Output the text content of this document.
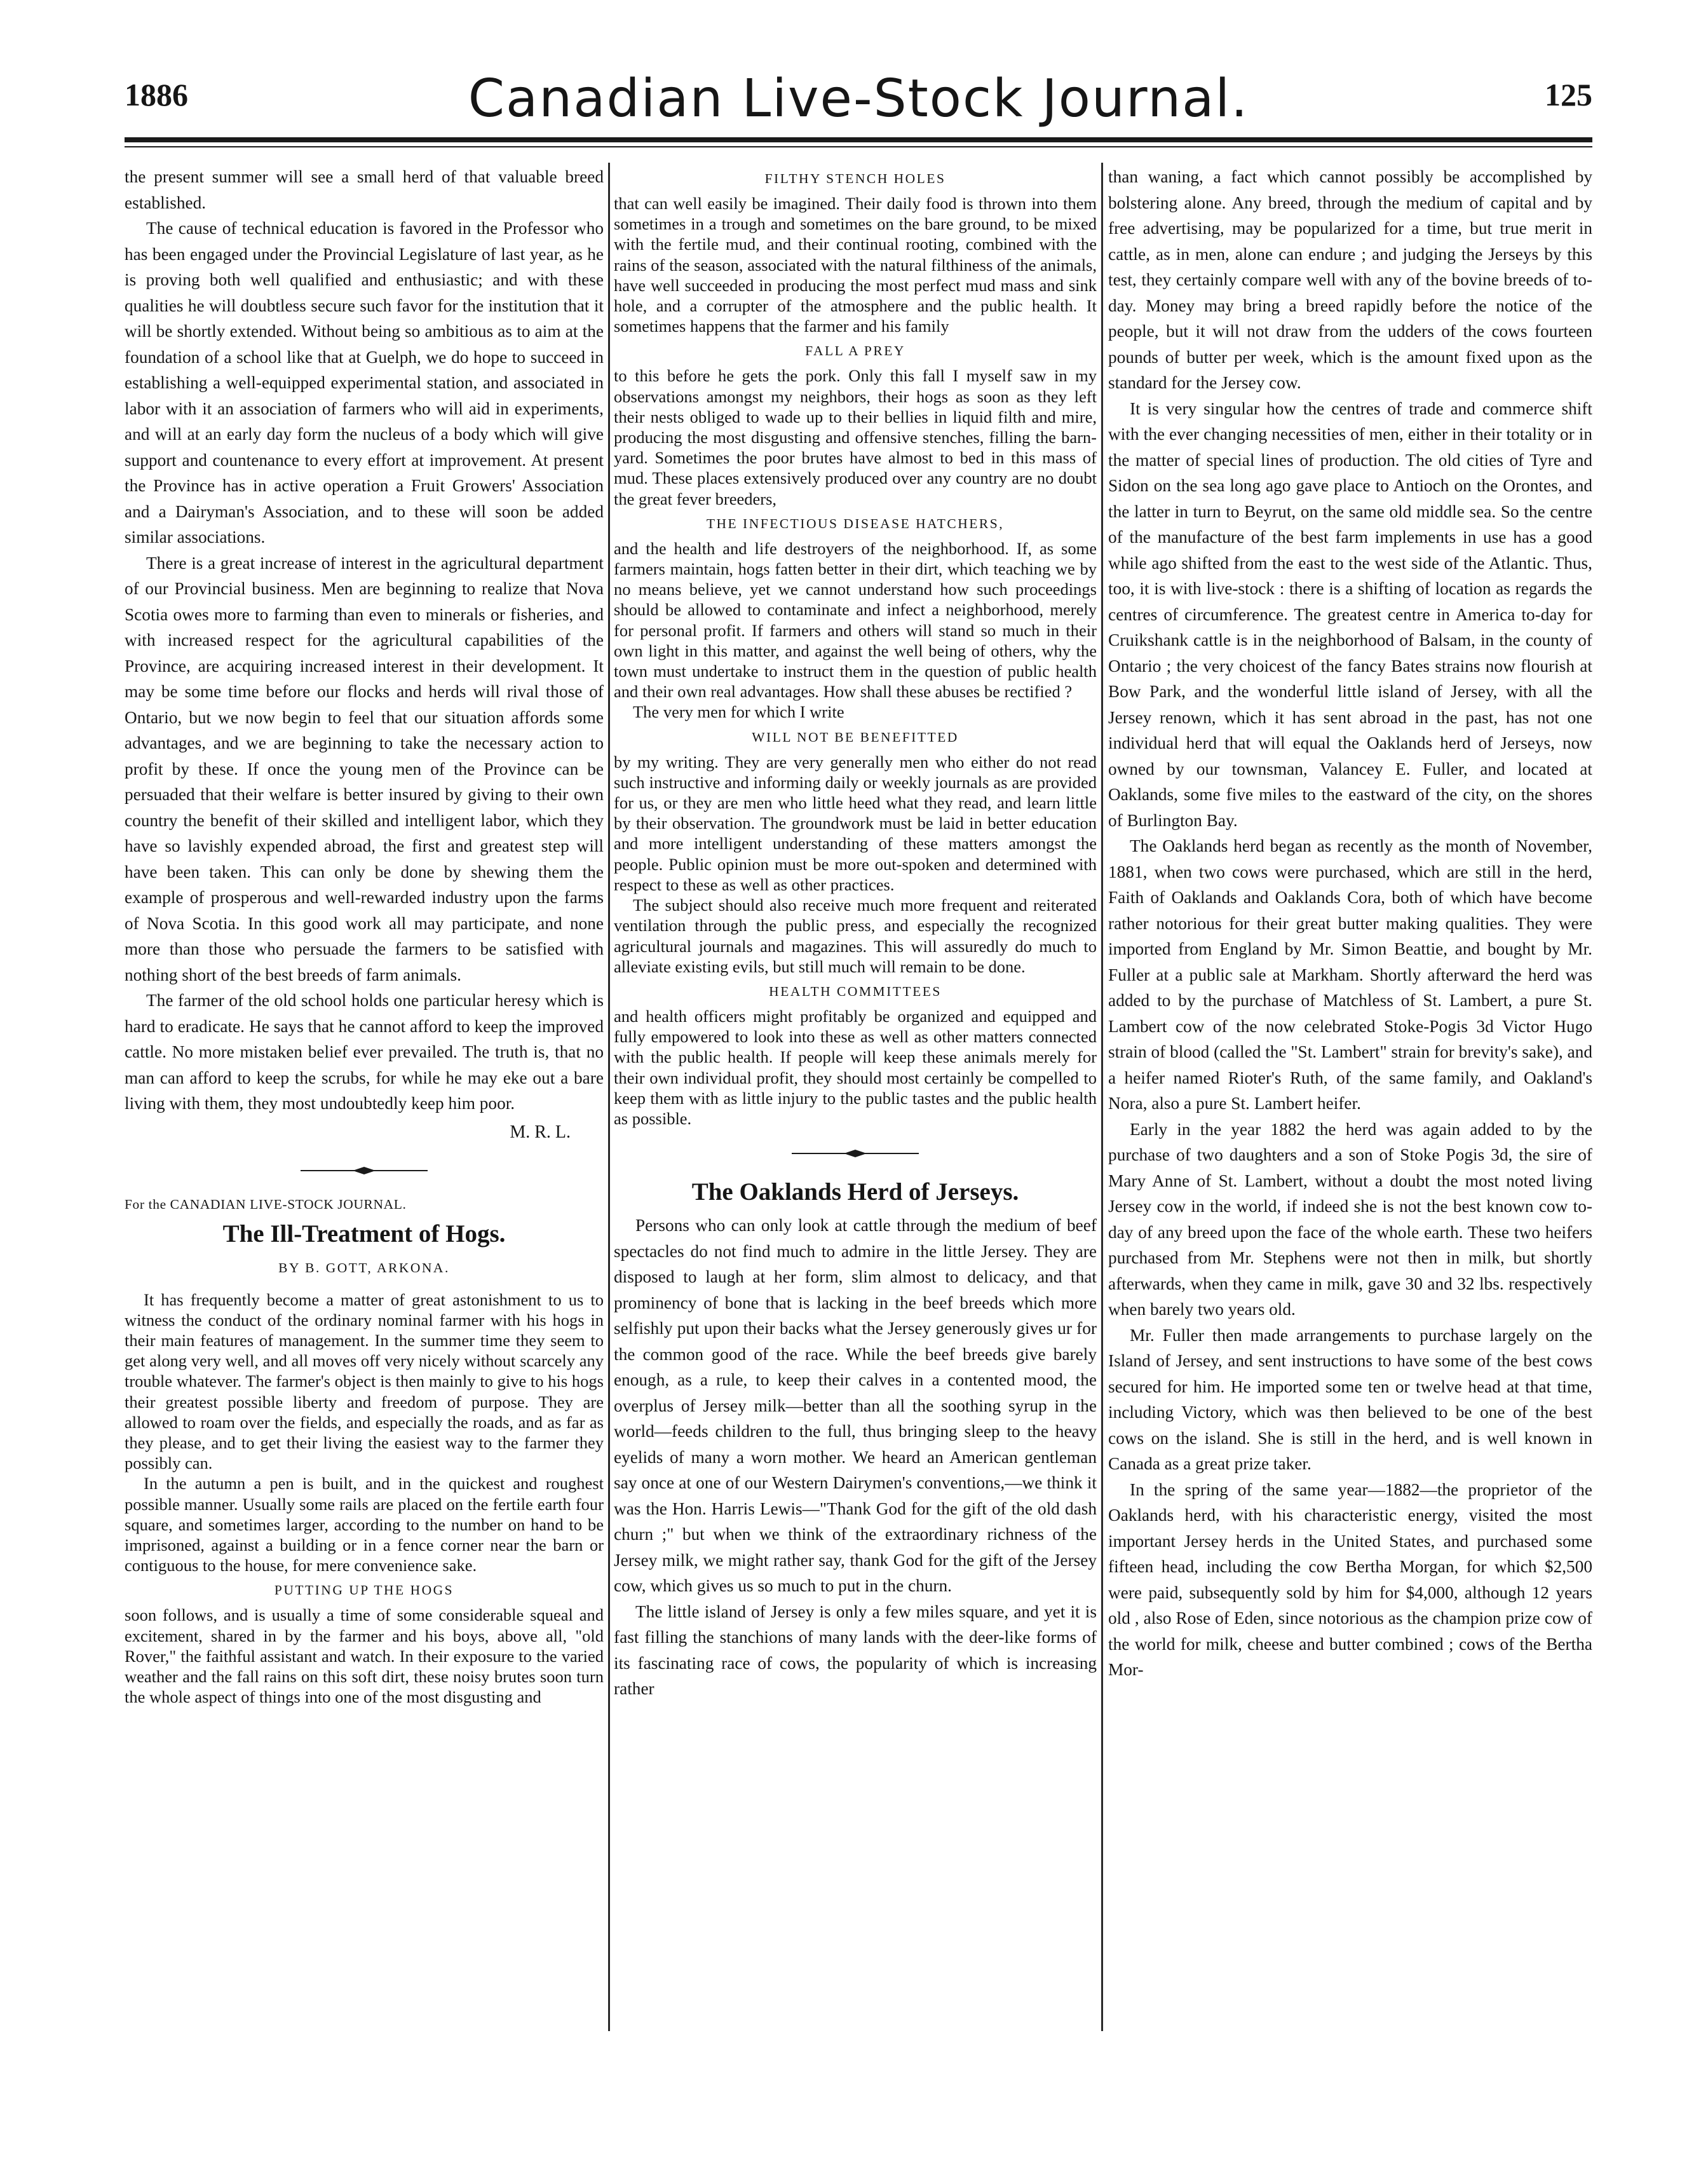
1886	Canadian Live-Stock Journal.	125

the present summer will see a small herd of that valuable breed established.

The cause of technical education is favored in the Professor who has been engaged under the Provincial Legislature of last year, as he is proving both well qualified and enthusiastic; and with these qualities he will doubtless secure such favor for the institution that it will be shortly extended. Without being so ambitious as to aim at the foundation of a school like that at Guelph, we do hope to succeed in establishing a well-equipped experimental station, and associated in labor with it an association of farmers who will aid in experiments, and will at an early day form the nucleus of a body which will give support and countenance to every effort at improvement. At present the Province has in active operation a Fruit Growers' Association and a Dairyman's Association, and to these will soon be added similar associations.

There is a great increase of interest in the agricultural department of our Provincial business. Men are beginning to realize that Nova Scotia owes more to farming than even to minerals or fisheries, and with increased respect for the agricultural capabilities of the Province, are acquiring increased interest in their development. It may be some time before our flocks and herds will rival those of Ontario, but we now begin to feel that our situation affords some advantages, and we are beginning to take the necessary action to profit by these. If once the young men of the Province can be persuaded that their welfare is better insured by giving to their own country the benefit of their skilled and intelligent labor, which they have so lavishly expended abroad, the first and greatest step will have been taken. This can only be done by shewing them the example of prosperous and well-rewarded industry upon the farms of Nova Scotia. In this good work all may participate, and none more than those who persuade the farmers to be satisfied with nothing short of the best breeds of farm animals.

The farmer of the old school holds one particular heresy which is hard to eradicate. He says that he cannot afford to keep the improved cattle. No more mistaken belief ever prevailed. The truth is, that no man can afford to keep the scrubs, for while he may eke out a bare living with them, they most undoubtedly keep him poor.

M. R. L.

For the CANADIAN LIVE-STOCK JOURNAL.

The Ill-Treatment of Hogs.
BY B. GOTT, ARKONA.

It has frequently become a matter of great astonishment to us to witness the conduct of the ordinary nominal farmer with his hogs in their main features of management. In the summer time they seem to get along very well, and all moves off very nicely without scarcely any trouble whatever. The farmer's object is then mainly to give to his hogs their greatest possible liberty and freedom of purpose. They are allowed to roam over the fields, and especially the roads, and as far as they please, and to get their living the easiest way to the farmer they possibly can.

In the autumn a pen is built, and in the quickest and roughest possible manner. Usually some rails are placed on the fertile earth four square, and sometimes larger, according to the number on hand to be imprisoned, against a building or in a fence corner near the barn or contiguous to the house, for mere convenience sake.

PUTTING UP THE HOGS

soon follows, and is usually a time of some considerable squeal and excitement, shared in by the farmer and his boys, above all, "old Rover," the faithful assistant and watch. In their exposure to the varied weather and the fall rains on this soft dirt, these noisy brutes soon turn the whole aspect of things into one of the most disgusting and

FILTHY STENCH HOLES

that can well easily be imagined. Their daily food is thrown into them sometimes in a trough and sometimes on the bare ground, to be mixed with the fertile mud, and their continual rooting, combined with the rains of the season, associated with the natural filthiness of the animals, have well succeeded in producing the most perfect mud mass and sink hole, and a corrupter of the atmosphere and the public health. It sometimes happens that the farmer and his family

FALL A PREY

to this before he gets the pork. Only this fall I myself saw in my observations amongst my neighbors, their hogs as soon as they left their nests obliged to wade up to their bellies in liquid filth and mire, producing the most disgusting and offensive stenches, filling the barn-yard. Sometimes the poor brutes have almost to bed in this mass of mud. These places extensively produced over any country are no doubt the great fever breeders,

THE INFECTIOUS DISEASE HATCHERS,

and the health and life destroyers of the neighborhood. If, as some farmers maintain, hogs fatten better in their dirt, which teaching we by no means believe, yet we cannot understand how such proceedings should be allowed to contaminate and infect a neighborhood, merely for personal profit. If farmers and others will stand so much in their own light in this matter, and against the well being of others, why the town must undertake to instruct them in the question of public health and their own real advantages. How shall these abuses be rectified ?

The very men for which I write

WILL NOT BE BENEFITTED

by my writing. They are very generally men who either do not read such instructive and informing daily or weekly journals as are provided for us, or they are men who little heed what they read, and learn little by their observation. The groundwork must be laid in better education and more intelligent understanding of these matters amongst the people. Public opinion must be more out-spoken and determined with respect to these as well as other practices.

The subject should also receive much more frequent and reiterated ventilation through the public press, and especially the recognized agricultural journals and magazines. This will assuredly do much to alleviate existing evils, but still much will remain to be done.

HEALTH COMMITTEES

and health officers might profitably be organized and equipped and fully empowered to look into these as well as other matters connected with the public health. If people will keep these animals merely for their own individual profit, they should most certainly be compelled to keep them with as little injury to the public tastes and the public health as possible.

The Oaklands Herd of Jerseys.

Persons who can only look at cattle through the medium of beef spectacles do not find much to admire in the little Jersey. They are disposed to laugh at her form, slim almost to delicacy, and that prominency of bone that is lacking in the beef breeds which more selfishly put upon their backs what the Jersey generously gives ur for the common good of the race. While the beef breeds give barely enough, as a rule, to keep their calves in a contented mood, the overplus of Jersey milk—better than all the soothing syrup in the world—feeds children to the full, thus bringing sleep to the heavy eyelids of many a worn mother. We heard an American gentleman say once at one of our Western Dairymen's conventions,—we think it was the Hon. Harris Lewis—"Thank God for the gift of the old dash churn ;" but when we think of the extraordinary richness of the Jersey milk, we might rather say, thank God for the gift of the Jersey cow, which gives us so much to put in the churn.

The little island of Jersey is only a few miles square, and yet it is fast filling the stanchions of many lands with the deer-like forms of its fascinating race of cows, the popularity of which is increasing rather

than waning, a fact which cannot possibly be accomplished by bolstering alone. Any breed, through the medium of capital and by free advertising, may be popularized for a time, but true merit in cattle, as in men, alone can endure ; and judging the Jerseys by this test, they certainly compare well with any of the bovine breeds of to-day. Money may bring a breed rapidly before the notice of the people, but it will not draw from the udders of the cows fourteen pounds of butter per week, which is the amount fixed upon as the standard for the Jersey cow.

It is very singular how the centres of trade and commerce shift with the ever changing necessities of men, either in their totality or in the matter of special lines of production. The old cities of Tyre and Sidon on the sea long ago gave place to Antioch on the Orontes, and the latter in turn to Beyrut, on the same old middle sea. So the centre of the manufacture of the best farm implements in use has a good while ago shifted from the east to the west side of the Atlantic. Thus, too, it is with live-stock : there is a shifting of location as regards the centres of circumference. The greatest centre in America to-day for Cruikshank cattle is in the neighborhood of Balsam, in the county of Ontario ; the very choicest of the fancy Bates strains now flourish at Bow Park, and the wonderful little island of Jersey, with all the Jersey renown, which it has sent abroad in the past, has not one individual herd that will equal the Oaklands herd of Jerseys, now owned by our townsman, Valancey E. Fuller, and located at Oaklands, some five miles to the eastward of the city, on the shores of Burlington Bay.

The Oaklands herd began as recently as the month of November, 1881, when two cows were purchased, which are still in the herd, Faith of Oaklands and Oaklands Cora, both of which have become rather notorious for their great butter making qualities. They were imported from England by Mr. Simon Beattie, and bought by Mr. Fuller at a public sale at Markham. Shortly afterward the herd was added to by the purchase of Matchless of St. Lambert, a pure St. Lambert cow of the now celebrated Stoke-Pogis 3d Victor Hugo strain of blood (called the "St. Lambert" strain for brevity's sake), and a heifer named Rioter's Ruth, of the same family, and Oakland's Nora, also a pure St. Lambert heifer.

Early in the year 1882 the herd was again added to by the purchase of two daughters and a son of Stoke Pogis 3d, the sire of Mary Anne of St. Lambert, without a doubt the most noted living Jersey cow in the world, if indeed she is not the best known cow to-day of any breed upon the face of the whole earth. These two heifers purchased from Mr. Stephens were not then in milk, but shortly afterwards, when they came in milk, gave 30 and 32 lbs. respectively when barely two years old.

Mr. Fuller then made arrangements to purchase largely on the Island of Jersey, and sent instructions to have some of the best cows secured for him. He imported some ten or twelve head at that time, including Victory, which was then believed to be one of the best cows on the island. She is still in the herd, and is well known in Canada as a great prize taker.

In the spring of the same year—1882—the proprietor of the Oaklands herd, with his characteristic energy, visited the most important Jersey herds in the United States, and purchased some fifteen head, including the cow Bertha Morgan, for which $2,500 were paid, subsequently sold by him for $4,000, although 12 years old , also Rose of Eden, since notorious as the champion prize cow of the world for milk, cheese and butter combined ; cows of the Bertha Mor-
